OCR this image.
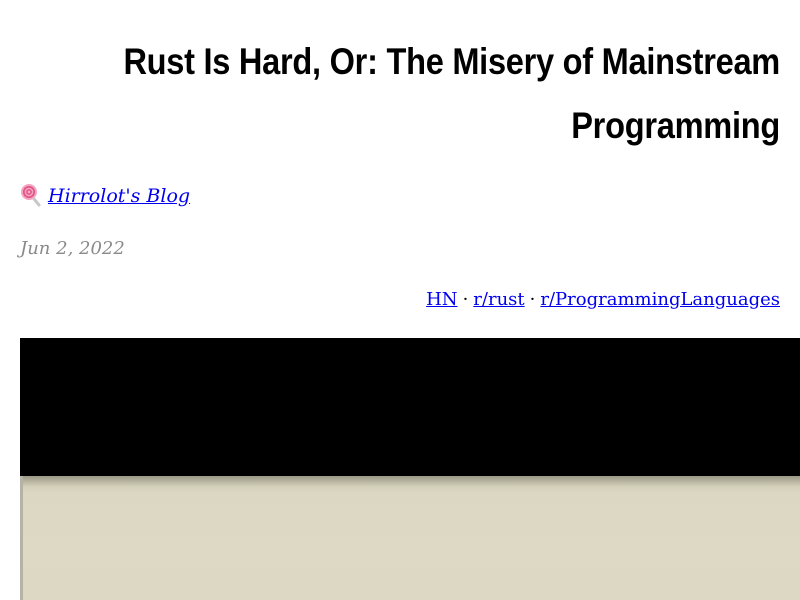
Rust Is Hard, Or: The Misery of Mainstream Programming
Hirrolot's Blog
Jun 2, 2022
HN · r/rust · r/ProgrammingLanguages
